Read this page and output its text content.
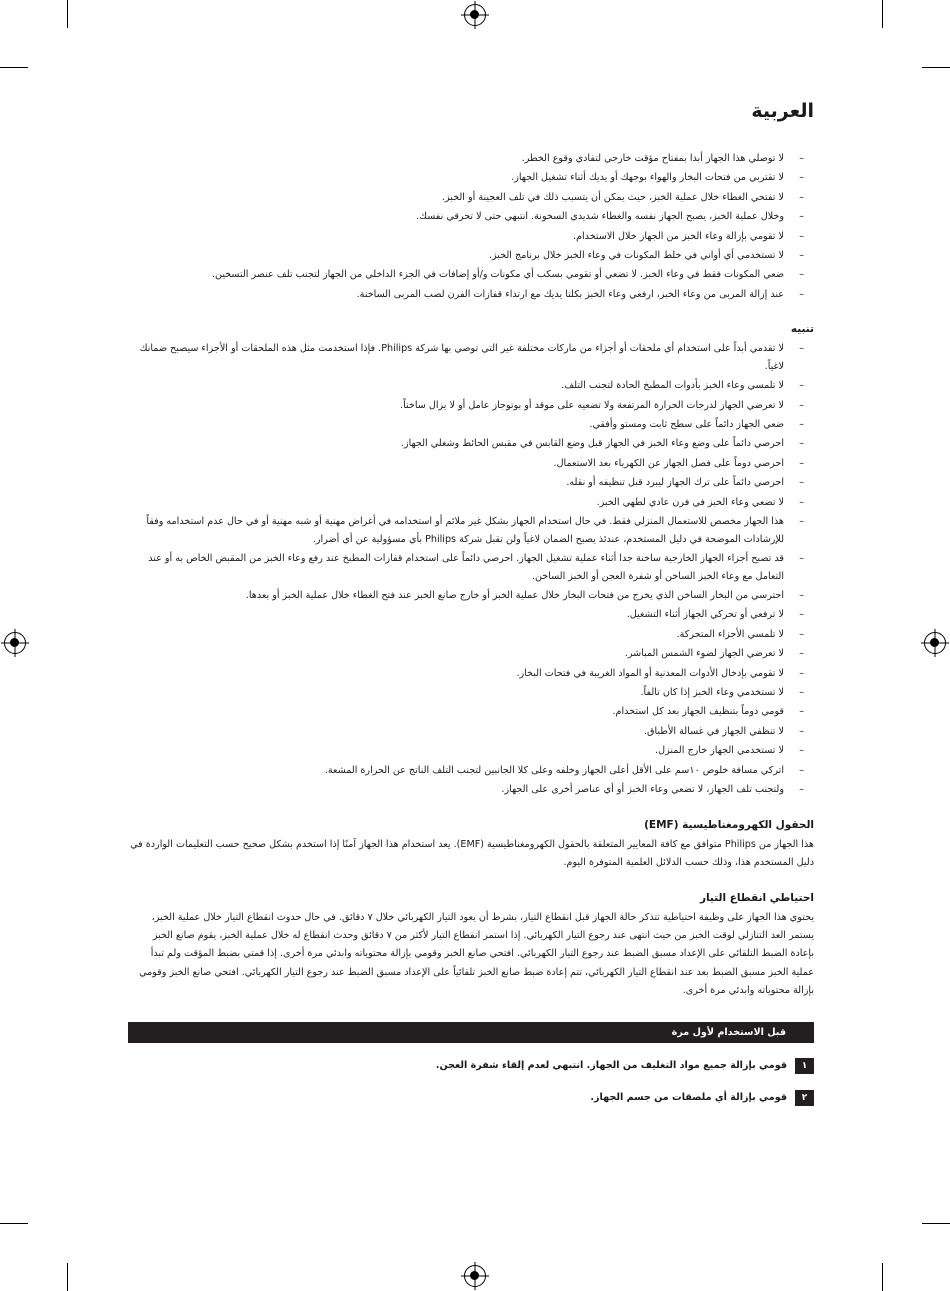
العربية
– لا توصلي هذا الجهاز أبدا بمفتاح مؤقت خارجي لتفادي وقوع الخطر.
– لا تقتربي من فتحات البخار والهواء بوجهك أو يديك أثناء تشغيل الجهاز.
– لا تفتحي الغطاء خلال عملية الخبز، حيث يمكن أن يتسبب ذلك في تلف العجينة أو الخبز.
– وخلال عملية الخبز، يصبح الجهاز نفسه والغطاء شديدي السخونة. انتبهي حتى لا تحرقي نفسك.
– لا تقومي بإزالة وعاء الخبز من الجهاز خلال الاستخدام.
– لا تستخدمي أي أواني في خلط المكونات في وعاء الخبز خلال برنامج الخبز.
– ضعي المكونات فقط في وعاء الخبز. لا تضعي أو تقومي بسكب أي مكونات و/أو إضافات في الجزء الداخلي من الجهاز لتجنب تلف عنصر التسخين.
– عند إزالة المربى من وعاء الخبز، ارفعي وعاء الخبز بكلتا يديك مع ارتداء قفازات الفرن لصب المربى الساخنة.
تنبيه
– لا تقدمي أبداً على استخدام أي ملحقات أو أجزاء من ماركات مختلفة غير التي توصي بها شركة Philips. فإذا استخدمت مثل هذه الملحقات أو الأجزاء سيصبح ضمانك لاغياً.
– لا تلمسي وعاء الخبز بأدوات المطبخ الحادة لتجنب التلف.
– لا تعرضي الجهاز لدرجات الحرارة المرتفعة ولا تضعيه على موقد أو بوتوجاز عامل أو لا يزال ساخناً.
– ضعي الجهاز دائماً على سطح ثابت ومستو وأفقي.
– احرصي دائماً على وضع وعاء الخبز في الجهاز قبل وضع القابس في مقبس الحائط وشغلي الجهاز.
– احرصي دوماً على فصل الجهاز عن الكهرباء بعد الاستعمال.
– احرصي دائماً على ترك الجهاز ليبرد قبل تنظيفه أو نقله.
– لا تضعي وعاء الخبز في فرن عادي لطهي الخبز.
– هذا الجهاز مخصص للاستعمال المنزلي فقط. في حال استخدام الجهاز بشكل غير ملائم أو استخدامه في أغراض مهنية أو شبه مهنية أو في حال عدم استخدامه وفقاً للإرشادات الموضحة في دليل المستخدم، عندئذ يصبح الضمان لاغياً ولن تقبل شركة Philips بأي مسؤولية عن أي أضرار.
– قد تصبح أجزاء الجهاز الخارجية ساخنة جدا أثناء عملية تشغيل الجهاز. احرصي دائماً على استخدام قفازات المطبخ عند رفع وعاء الخبز من المقبض الخاص به أو عند التعامل مع وعاء الخبز الساخن أو شفرة العجن أو الخبز الساخن.
– احترسي من البخار الساخن الذي يخرج من فتحات البخار خلال عملية الخبز أو خارج صانع الخبز عند فتح الغطاء خلال عملية الخبز أو بعدها.
– لا ترفعي أو تحركي الجهاز أثناء التشغيل.
– لا تلمسي الأجزاء المتحركة.
– لا تعرضي الجهاز لضوء الشمس المباشر.
– لا تقومي بإدخال الأدوات المعدنية أو المواد الغريبة في فتحات البخار.
– لا تستخدمي وعاء الخبز إذا كان تالفاً.
– قومي دوماً بتنظيف الجهاز بعد كل استخدام.
– لا تنظفي الجهاز في غسالة الأطباق.
– لا تستخدمي الجهاز خارج المنزل.
– اتركي مسافة خلوص ١٠سم على الأقل أعلى الجهاز وخلفه وعلى كلا الجانبين لتجنب التلف الناتج عن الحرارة المشعة.
– ولتجنب تلف الجهاز، لا تضعي وعاء الخبز أو أي عناصر أخرى على الجهاز.
الحقول الكهرومغناطيسية (EMF)

هذا الجهاز من Philips متوافق مع كافة المعايير المتعلقة بالحقول الكهرومغناطيسية (EMF). يعد استخدام هذا الجهاز آمنًا إذا استخدم بشكل صحيح حسب التعليمات الواردة في دليل المستخدم هذا، وذلك حسب الدلائل العلمية المتوفرة اليوم.

احتياطي انقطاع التيار

يحتوي هذا الجهاز على وظيفة احتياطية تتذكر حالة الجهاز قبل انقطاع التيار، بشرط أن يعود التيار الكهربائي خلال ٧ دقائق. في حال حدوث انقطاع التيار خلال عملية الخبز، يستمر العد التنازلي لوقت الخبز من حيث انتهى عند رجوع التيار الكهربائي. إذا استمر انقطاع التيار لأكثر من ٧ دقائق وحدث انقطاع له خلال عملية الخبز، يقوم صانع الخبز بإعادة الضبط التلقائي على الإعداد مسبق الضبط عند رجوع التيار الكهربائي. افتحي صانع الخبز وقومي بإزالة محتوياته وابدئي مرة أخرى. إذا قمتي بضبط المؤقت ولم تبدأ عملية الخبز مسبق الضبط بعد عند انقطاع التيار الكهربائي، تتم إعادة ضبط صانع الخبز تلقائياً على الإعداد مسبق الضبط عند رجوع التيار الكهربائي. افتحي صانع الخبز وقومي بإزالة محتوياته وابدئي مرة أخرى.

قبل الاستخدام لأول مرة
١
قومي بإزالة جميع مواد التغليف من الجهاز. انتبهي لعدم إلقاء شفرة العجن.
٢
قومي بإزالة أي ملصقات من جسم الجهاز.
